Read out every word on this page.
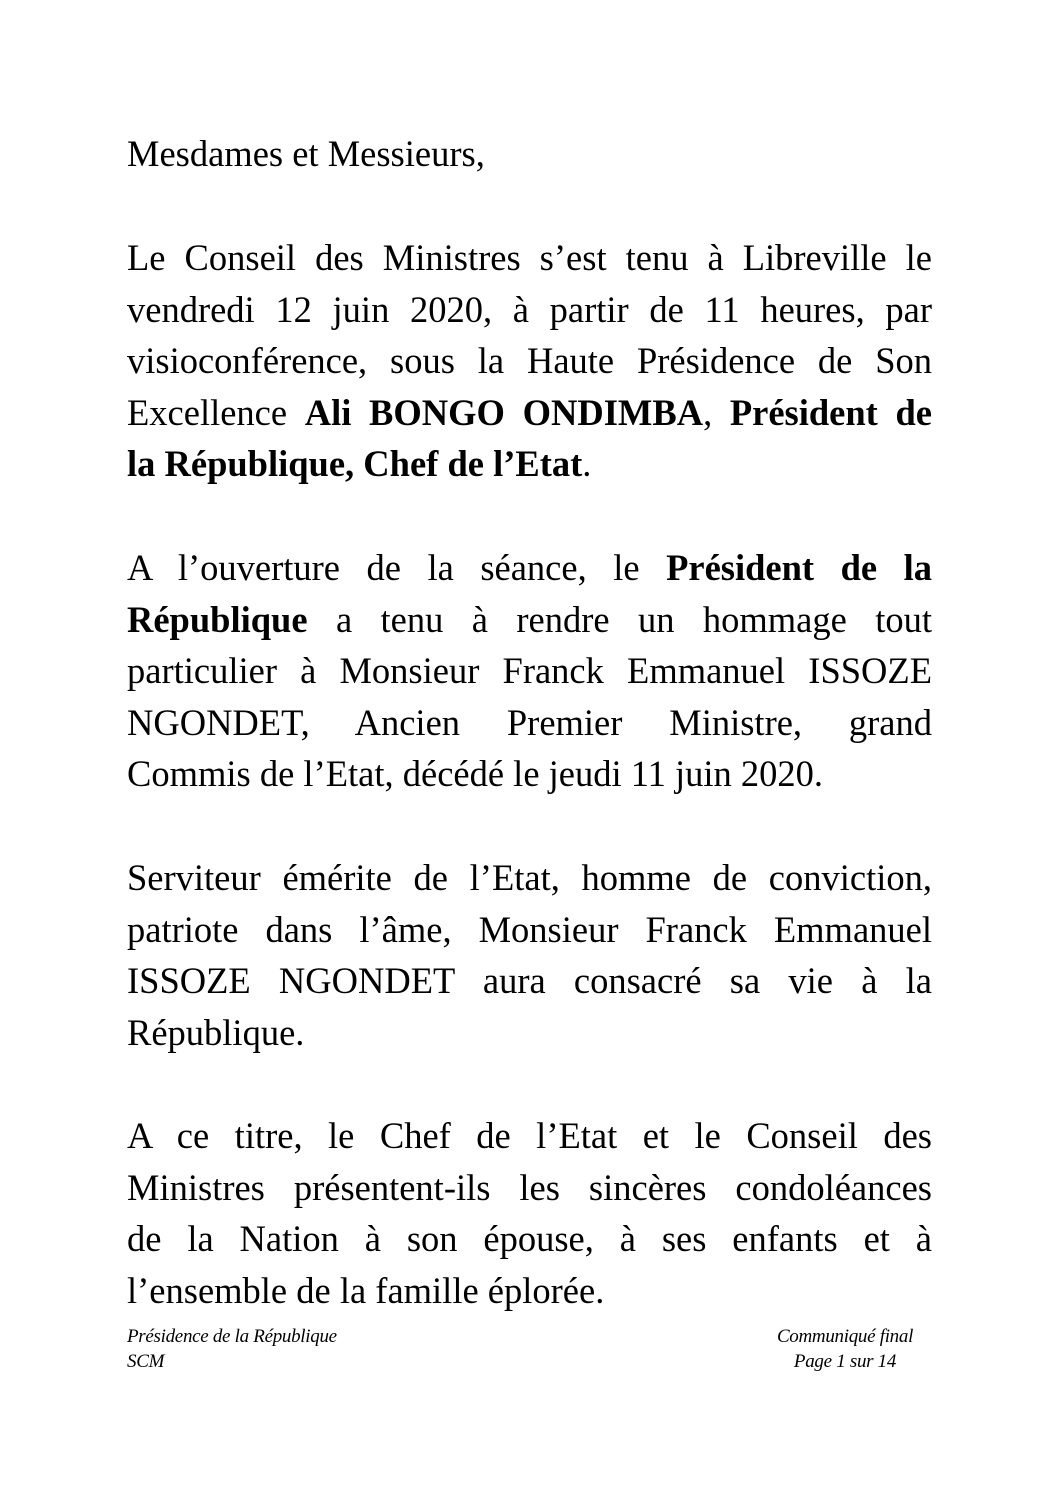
Mesdames et Messieurs,
Le Conseil des Ministres s’est tenu à Libreville le
vendredi 12 juin 2020, à partir de 11 heures, par
visioconférence, sous la Haute Présidence de Son
Excellence Ali BONGO ONDIMBA, Président de
la République, Chef de l’Etat.
A l’ouverture de la séance, le Président de la
République a tenu à rendre un hommage tout
particulier à Monsieur Franck Emmanuel ISSOZE
NGONDET, Ancien Premier Ministre, grand
Commis de l’Etat, décédé le jeudi 11 juin 2020.
Serviteur émérite de l’Etat, homme de conviction,
patriote dans l’âme, Monsieur Franck Emmanuel
ISSOZE NGONDET aura consacré sa vie à la
République.
A ce titre, le Chef de l’Etat et le Conseil des
Ministres présentent-ils les sincères condoléances
de la Nation à son épouse, à ses enfants et à
l’ensemble de la famille éplorée.
Présidence de la République
SCM
Communiqué final
Page 1 sur 14
